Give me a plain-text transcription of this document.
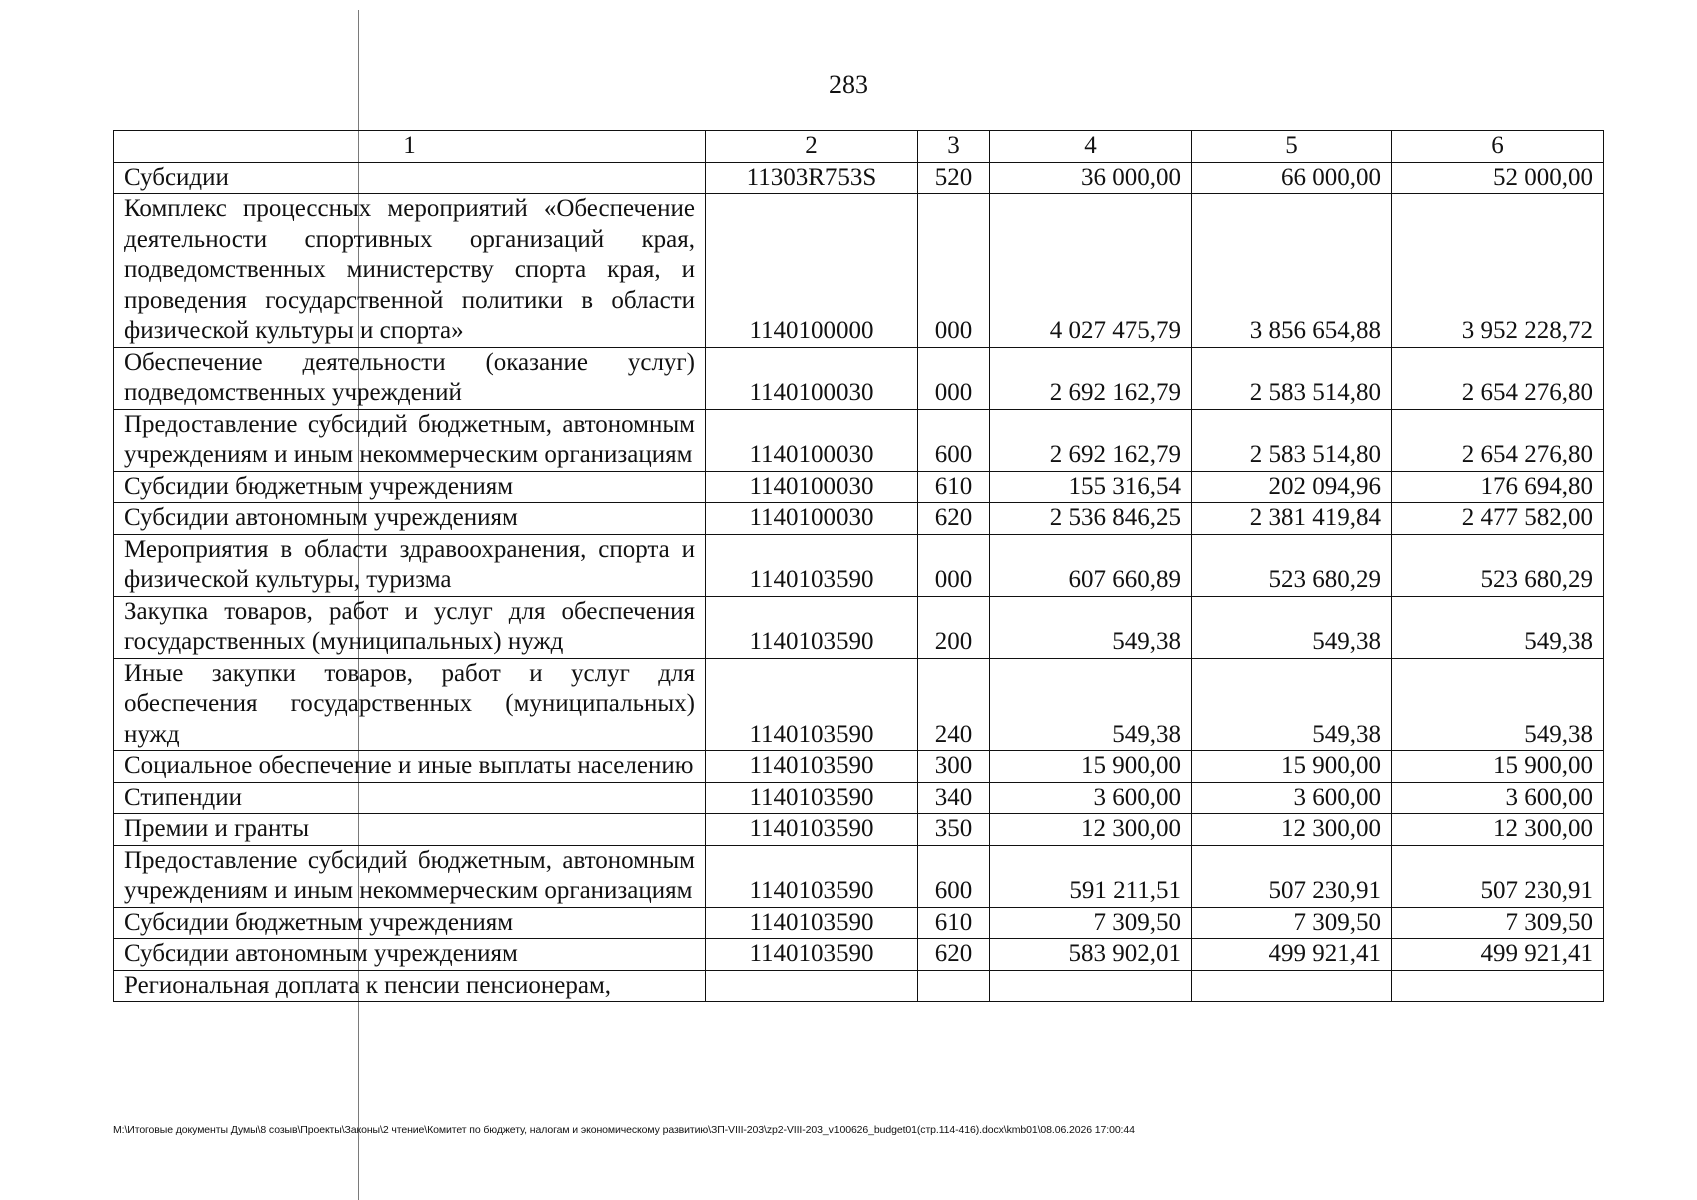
283
1	2	3	4	5	6
Субсидии	11303R753S	520	36 000,00	66 000,00	52 000,00
Комплекс процессных мероприятий «Обеспечение деятельности спортивных организаций края, подведомственных министерству спорта края, и проведения государственной политики в области физической культуры и спорта»	1140100000	000	4 027 475,79	3 856 654,88	3 952 228,72
Обеспечение деятельности (оказание услуг) подведомственных учреждений	1140100030	000	2 692 162,79	2 583 514,80	2 654 276,80
Предоставление субсидий бюджетным, автономным учреждениям и иным некоммерческим организациям	1140100030	600	2 692 162,79	2 583 514,80	2 654 276,80
Субсидии бюджетным учреждениям	1140100030	610	155 316,54	202 094,96	176 694,80
Субсидии автономным учреждениям	1140100030	620	2 536 846,25	2 381 419,84	2 477 582,00
Мероприятия в области здравоохранения, спорта и физической культуры, туризма	1140103590	000	607 660,89	523 680,29	523 680,29
Закупка товаров, работ и услуг для обеспечения государственных (муниципальных) нужд	1140103590	200	549,38	549,38	549,38
Иные закупки товаров, работ и услуг для обеспечения государственных (муниципальных) нужд	1140103590	240	549,38	549,38	549,38
Социальное обеспечение и иные выплаты населению	1140103590	300	15 900,00	15 900,00	15 900,00
Стипендии	1140103590	340	3 600,00	3 600,00	3 600,00
Премии и гранты	1140103590	350	12 300,00	12 300,00	12 300,00
Предоставление субсидий бюджетным, автономным учреждениям и иным некоммерческим организациям	1140103590	600	591 211,51	507 230,91	507 230,91
Субсидии бюджетным учреждениям	1140103590	610	7 309,50	7 309,50	7 309,50
Субсидии автономным учреждениям	1140103590	620	583 902,01	499 921,41	499 921,41
Региональная доплата к пенсии пенсионерам,					
М:\Итоговые документы Думы\8 созыв\Проекты\Законы\2 чтение\Комитет по бюджету, налогам и экономическому развитию\ЗП-VIII-203\zp2-VIII-203_v100626_budget01(стр.114-416).docx\kmb01\08.06.2026 17:00:44
